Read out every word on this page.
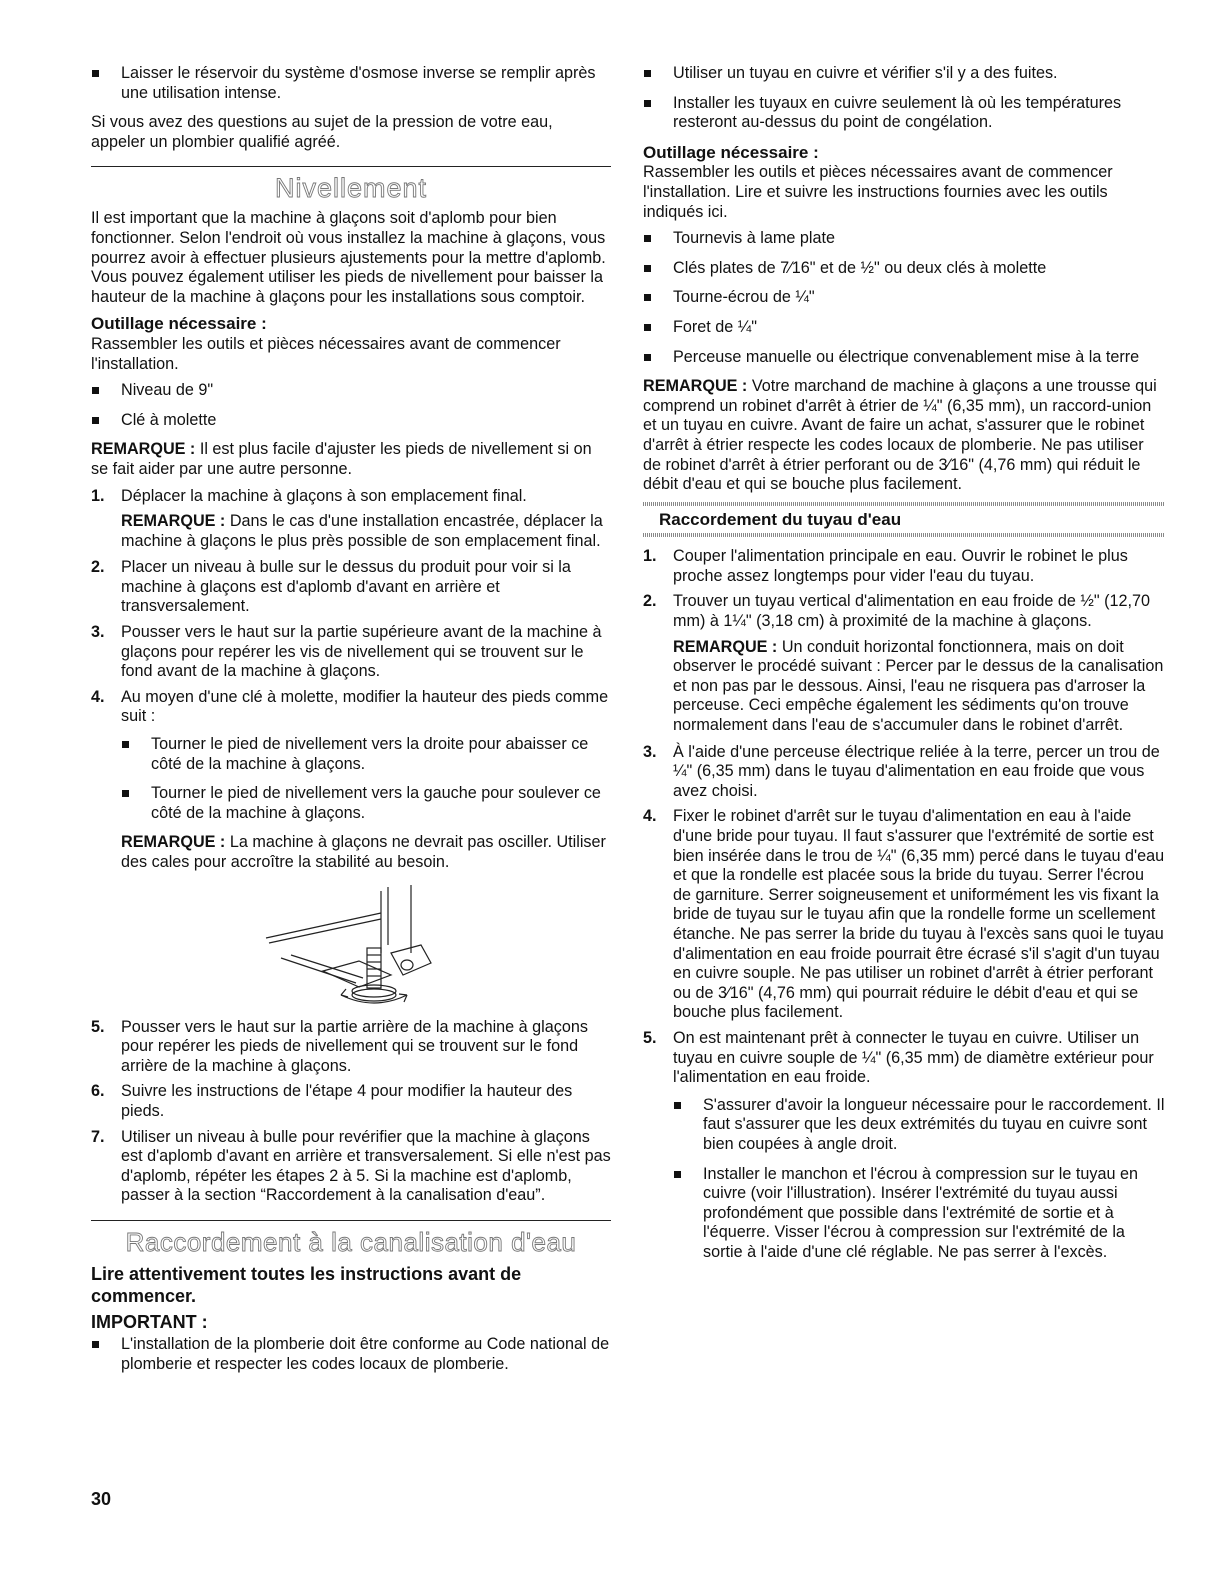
Laisser le réservoir du système d'osmose inverse se remplir après une utilisation intense.

Si vous avez des questions au sujet de la pression de votre eau, appeler un plombier qualifié agréé.

Nivellement

Il est important que la machine à glaçons soit d'aplomb pour bien fonctionner. Selon l'endroit où vous installez la machine à glaçons, vous pourrez avoir à effectuer plusieurs ajustements pour la mettre d'aplomb. Vous pouvez également utiliser les pieds de nivellement pour baisser la hauteur de la machine à glaçons pour les installations sous comptoir.

Outillage nécessaire :

Rassembler les outils et pièces nécessaires avant de commencer l'installation.

Niveau de 9"
Clé à molette

REMARQUE : Il est plus facile d'ajuster les pieds de nivellement si on se fait aider par une autre personne.

1. Déplacer la machine à glaçons à son emplacement final.

REMARQUE : Dans le cas d'une installation encastrée, déplacer la machine à glaçons le plus près possible de son emplacement final.

2. Placer un niveau à bulle sur le dessus du produit pour voir si la machine à glaçons est d'aplomb d'avant en arrière et transversalement.
3. Pousser vers le haut sur la partie supérieure avant de la machine à glaçons pour repérer les vis de nivellement qui se trouvent sur le fond avant de la machine à glaçons.
4. Au moyen d'une clé à molette, modifier la hauteur des pieds comme suit :
Tourner le pied de nivellement vers la droite pour abaisser ce côté de la machine à glaçons.
Tourner le pied de nivellement vers la gauche pour soulever ce côté de la machine à glaçons.

REMARQUE : La machine à glaçons ne devrait pas osciller. Utiliser des cales pour accroître la stabilité au besoin.

5. Pousser vers le haut sur la partie arrière de la machine à glaçons pour repérer les pieds de nivellement qui se trouvent sur le fond arrière de la machine à glaçons.
6. Suivre les instructions de l'étape 4 pour modifier la hauteur des pieds.
7. Utiliser un niveau à bulle pour revérifier que la machine à glaçons est d'aplomb d'avant en arrière et transversalement. Si elle n'est pas d'aplomb, répéter les étapes 2 à 5. Si la machine est d'aplomb, passer à la section “Raccordement à la canalisation d'eau”.
Raccordement à la canalisation d'eau
Lire attentivement toutes les instructions avant de commencer.
IMPORTANT :
L'installation de la plomberie doit être conforme au Code national de plomberie et respecter les codes locaux de plomberie.
Utiliser un tuyau en cuivre et vérifier s'il y a des fuites.
Installer les tuyaux en cuivre seulement là où les températures resteront au-dessus du point de congélation.
Outillage nécessaire :

Rassembler les outils et pièces nécessaires avant de commencer l'installation. Lire et suivre les instructions fournies avec les outils indiqués ici.

Tournevis à lame plate
Clés plates de 7⁄16" et de ½" ou deux clés à molette
Tourne-écrou de ¼"
Foret de ¼"
Perceuse manuelle ou électrique convenablement mise à la terre

REMARQUE : Votre marchand de machine à glaçons a une trousse qui comprend un robinet d'arrêt à étrier de ¼" (6,35 mm), un raccord-union et un tuyau en cuivre. Avant de faire un achat, s'assurer que le robinet d'arrêt à étrier respecte les codes locaux de plomberie. Ne pas utiliser de robinet d'arrêt à étrier perforant ou de 3⁄16" (4,76 mm) qui réduit le débit d'eau et qui se bouche plus facilement.

Raccordement du tuyau d'eau
1. Couper l'alimentation principale en eau. Ouvrir le robinet le plus proche assez longtemps pour vider l'eau du tuyau.
2. Trouver un tuyau vertical d'alimentation en eau froide de ½" (12,70 mm) à 1¼" (3,18 cm) à proximité de la machine à glaçons.

REMARQUE : Un conduit horizontal fonctionnera, mais on doit observer le procédé suivant : Percer par le dessus de la canalisation et non pas par le dessous. Ainsi, l'eau ne risquera pas d'arroser la perceuse. Ceci empêche également les sédiments qu'on trouve normalement dans l'eau de s'accumuler dans le robinet d'arrêt.

3. À l'aide d'une perceuse électrique reliée à la terre, percer un trou de ¼" (6,35 mm) dans le tuyau d'alimentation en eau froide que vous avez choisi.
4. Fixer le robinet d'arrêt sur le tuyau d'alimentation en eau à l'aide d'une bride pour tuyau. Il faut s'assurer que l'extrémité de sortie est bien insérée dans le trou de ¼" (6,35 mm) percé dans le tuyau d'eau et que la rondelle est placée sous la bride du tuyau. Serrer l'écrou de garniture. Serrer soigneusement et uniformément les vis fixant la bride de tuyau sur le tuyau afin que la rondelle forme un scellement étanche. Ne pas serrer la bride du tuyau à l'excès sans quoi le tuyau d'alimentation en eau froide pourrait être écrasé s'il s'agit d'un tuyau en cuivre souple. Ne pas utiliser un robinet d'arrêt à étrier perforant ou de 3⁄16" (4,76 mm) qui pourrait réduire le débit d'eau et qui se bouche plus facilement.
5. On est maintenant prêt à connecter le tuyau en cuivre. Utiliser un tuyau en cuivre souple de ¼" (6,35 mm) de diamètre extérieur pour l'alimentation en eau froide.
S'assurer d'avoir la longueur nécessaire pour le raccordement. Il faut s'assurer que les deux extrémités du tuyau en cuivre sont bien coupées à angle droit.
Installer le manchon et l'écrou à compression sur le tuyau en cuivre (voir l'illustration). Insérer l'extrémité du tuyau aussi profondément que possible dans l'extrémité de sortie et à l'équerre. Visser l'écrou à compression sur l'extrémité de la sortie à l'aide d'une clé réglable. Ne pas serrer à l'excès.
30
